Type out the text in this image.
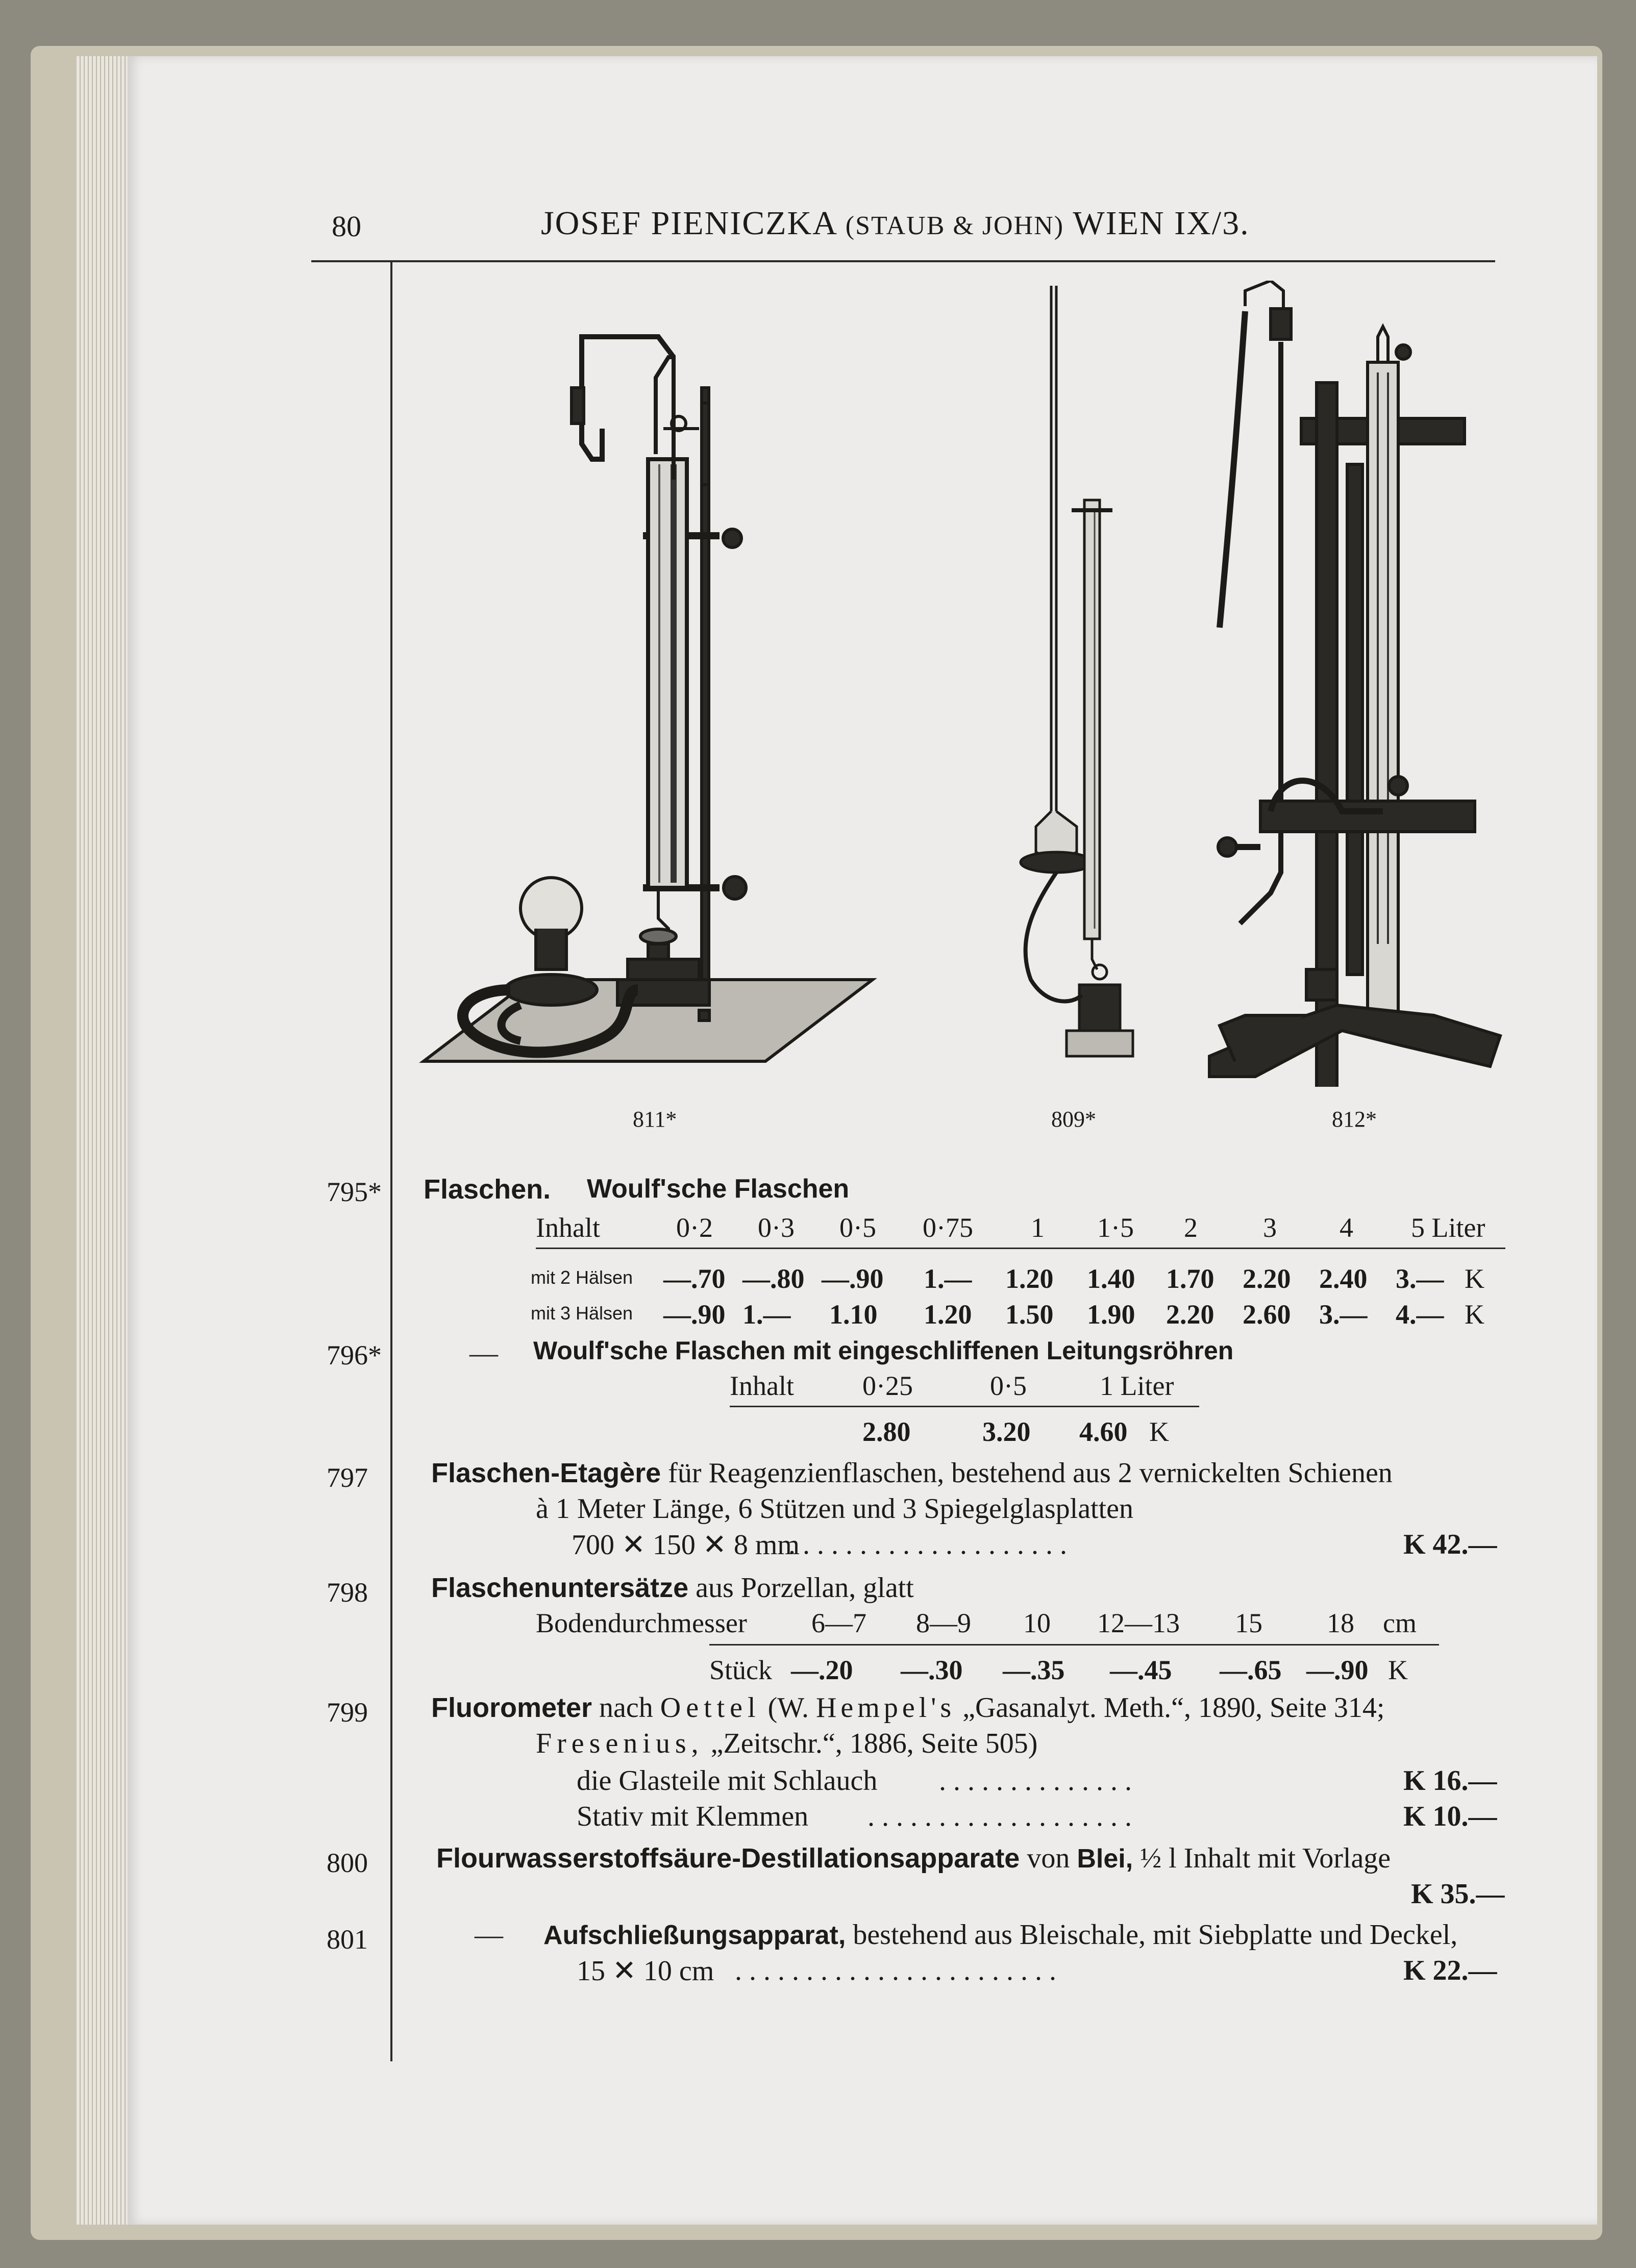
80	JOSEF PIENICZKA (STAUB & JOHN) WIEN IX/3.
811*	809*	812*
795* Flaschen. Woulf'sche Flaschen
Inhalt	0·2 0·3 0·5 0·75 1 1·5 2 3 4 5 Liter
mit 2 Hälsen —.70 —.80 —.90 1.— 1.20 1.40 1.70 2.20 2.40 3.— K
mit 3 Hälsen —.90 1.— 1.10 1.20 1.50 1.90 2.20 2.60 3.— 4.— K
796*	— Woulf'sche Flaschen mit eingeschliffenen Leitungsröhren
Inhalt 0·25	0·5	1 Liter
2.80	3.20 4.60 K
797 Flaschen-Etagère für Reagenzienflaschen, bestehend aus 2 vernickelten Schienen
à 1 Meter Länge, 6 Stützen und 3 Spiegelglasplatten
700 ✕ 150 ✕ 8 mm
....................	K 42.—
798 Flaschenuntersätze aus Porzellan, glatt
Bodendurchmesser 6—7 8—9 10 12—13 15 18 cm
Stück —.20 —.30 —.35 —.45 —.65 —.90 K
799 Fluorometer nach Oettel (W. Hempel's „Gasanalyt. Meth.“, 1890, Seite 314;
Fresenius, „Zeitschr.“, 1886, Seite 505)
die Glasteile mit Schlauch ..............	K 16.—
Stativ mit Klemmen ...................	K 10.—
800 Flourwasserstoffsäure-Destillationsapparate von Blei, ½ l Inhalt mit Vorlage
K 35.—
801	— Aufschließungsapparat, bestehend aus Bleischale, mit Siebplatte und Deckel,
15 ✕ 10 cm .......................	K 22.—
